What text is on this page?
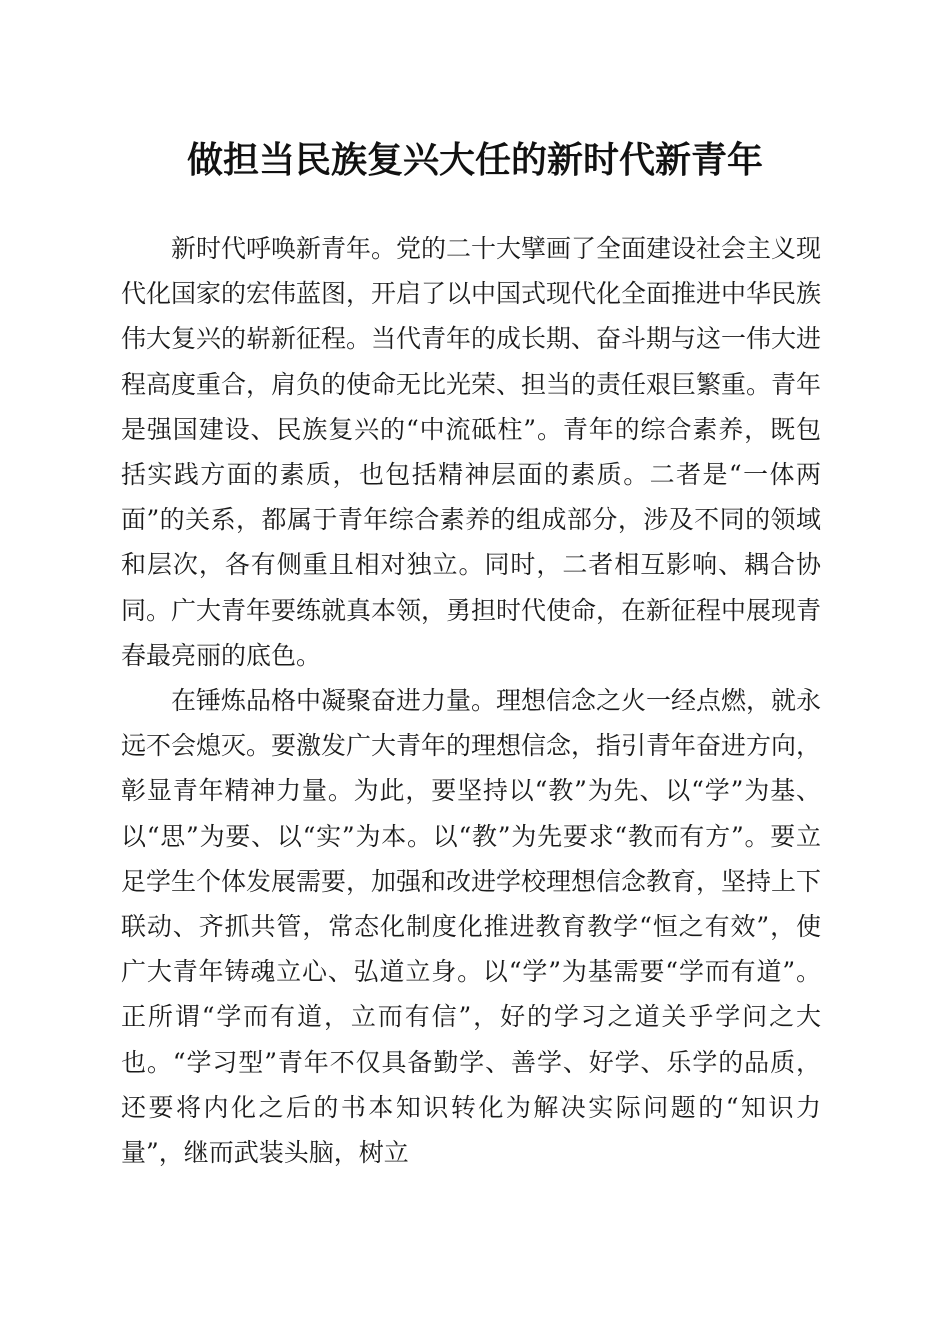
做担当民族复兴大任的新时代新青年

新时代呼唤新青年。党的二十大擘画了全面建设社会主义现代化国家的宏伟蓝图，开启了以中国式现代化全面推进中华民族伟大复兴的崭新征程。当代青年的成长期、奋斗期与这一伟大进程高度重合，肩负的使命无比光荣、担当的责任艰巨繁重。青年是强国建设、民族复兴的“中流砥柱”。青年的综合素养，既包括实践方面的素质，也包括精神层面的素质。二者是“一体两面”的关系，都属于青年综合素养的组成部分，涉及不同的领域和层次，各有侧重且相对独立。同时，二者相互影响、耦合协同。广大青年要练就真本领，勇担时代使命，在新征程中展现青春最亮丽的底色。

在锤炼品格中凝聚奋进力量。理想信念之火一经点燃，就永远不会熄灭。要激发广大青年的理想信念，指引青年奋进方向，彰显青年精神力量。为此，要坚持以“教”为先、以“学”为基、以“思”为要、以“实”为本。以“教”为先要求“教而有方”。要立足学生个体发展需要，加强和改进学校理想信念教育，坚持上下联动、齐抓共管，常态化制度化推进教育教学“恒之有效”，使广大青年铸魂立心、弘道立身。以“学”为基需要“学而有道”。正所谓“学而有道，立而有信”，好的学习之道关乎学问之大也。“学习型”青年不仅具备勤学、善学、好学、乐学的品质，还要将内化之后的书本知识转化为解决实际问题的“知识力量”，继而武装头脑，树立
